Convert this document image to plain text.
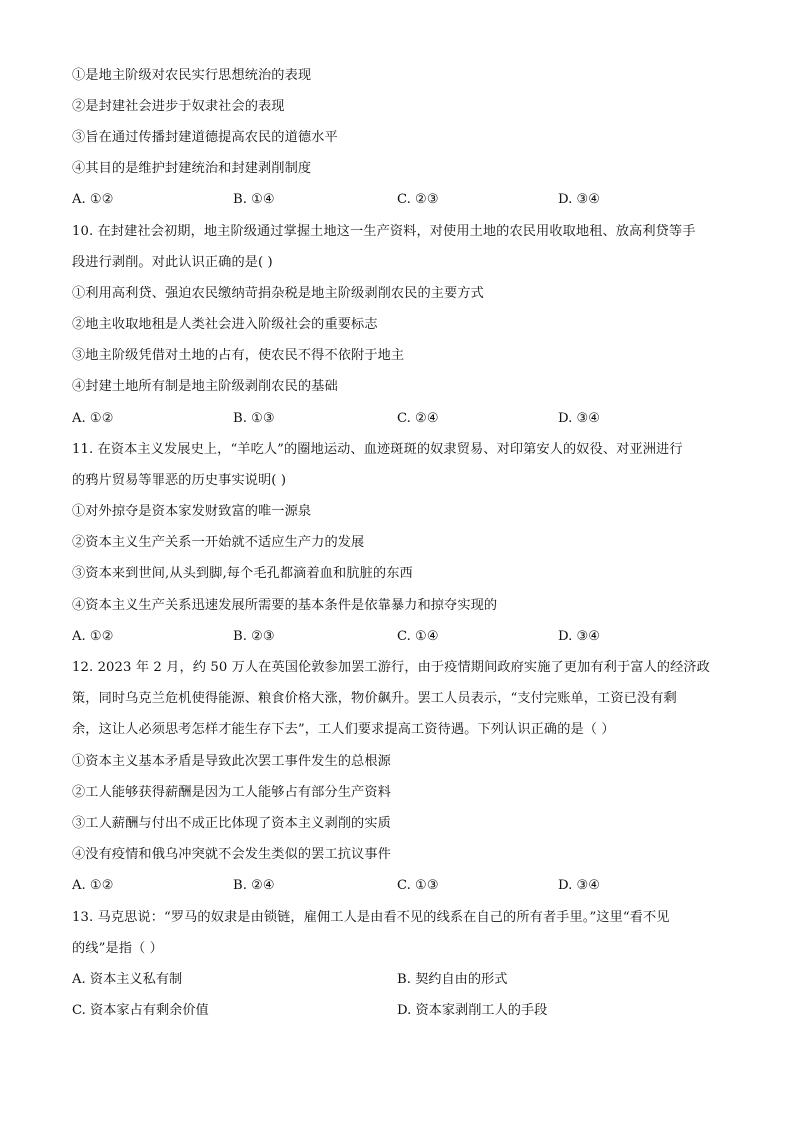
①是地主阶级对农民实行思想统治的表现
②是封建社会进步于奴隶社会的表现
③旨在通过传播封建道德提高农民的道德水平
④其目的是维护封建统治和封建剥削制度
A. ①②	B. ①④	C. ②③	D. ③④
10. 在封建社会初期，地主阶级通过掌握土地这一生产资料，对使用土地的农民用收取地租、放高利贷等手
段进行剥削。对此认识正确的是( )
①利用高利贷、强迫农民缴纳苛捐杂税是地主阶级剥削农民的主要方式
②地主收取地租是人类社会进入阶级社会的重要标志
③地主阶级凭借对土地的占有，使农民不得不依附于地主
④封建土地所有制是地主阶级剥削农民的基础
A. ①②	B. ①③	C. ②④	D. ③④
11. 在资本主义发展史上，“羊吃人”的圈地运动、血迹斑斑的奴隶贸易、对印第安人的奴役、对亚洲进行
的鸦片贸易等罪恶的历史事实说明( )
①对外掠夺是资本家发财致富的唯一源泉
②资本主义生产关系一开始就不适应生产力的发展
③资本来到世间,从头到脚,每个毛孔都滴着血和肮脏的东西
④资本主义生产关系迅速发展所需要的基本条件是依靠暴力和掠夺实现的
A. ①②	B. ②③	C. ①④	D. ③④
12. 2023 年 2 月，约 50 万人在英国伦敦参加罢工游行，由于疫情期间政府实施了更加有利于富人的经济政
策，同时乌克兰危机使得能源、粮食价格大涨，物价飙升。罢工人员表示，“支付完账单，工资已没有剩
余，这让人必须思考怎样才能生存下去”，工人们要求提高工资待遇。下列认识正确的是（ ）
①资本主义基本矛盾是导致此次罢工事件发生的总根源
②工人能够获得薪酬是因为工人能够占有部分生产资料
③工人薪酬与付出不成正比体现了资本主义剥削的实质
④没有疫情和俄乌冲突就不会发生类似的罢工抗议事件
A. ①②	B. ②④	C. ①③	D. ③④
13. 马克思说：“罗马的奴隶是由锁链，雇佣工人是由看不见的线系在自己的所有者手里。”这里“看不见
的线”是指（ ）
A. 资本主义私有制	B. 契约自由的形式
C. 资本家占有剩余价值	D. 资本家剥削工人的手段
